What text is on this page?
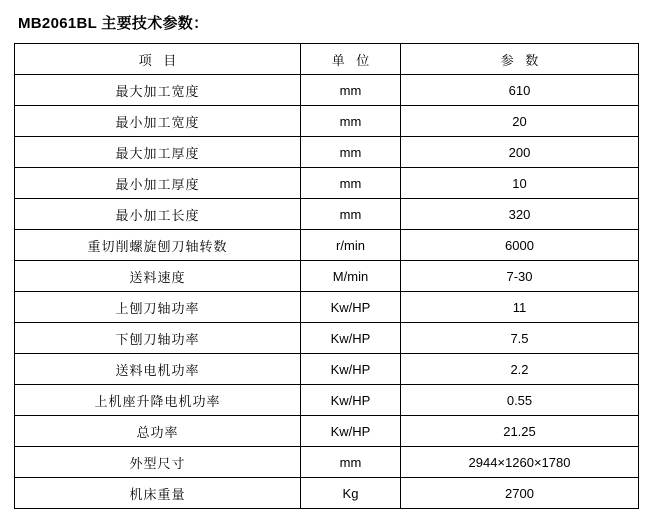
MB2061BL 主要技术参数：
项 目	单 位	参 数
最大加工宽度	mm	610
最小加工宽度	mm	20
最大加工厚度	mm	200
最小加工厚度	mm	10
最小加工长度	mm	320
重切削螺旋刨刀轴转数	r/min	6000
送料速度	M/min	7-30
上刨刀轴功率	Kw/HP	11
下刨刀轴功率	Kw/HP	7.5
送料电机功率	Kw/HP	2.2
上机座升降电机功率	Kw/HP	0.55
总功率	Kw/HP	21.25
外型尺寸	mm	2944×1260×1780
机床重量	Kg	2700
